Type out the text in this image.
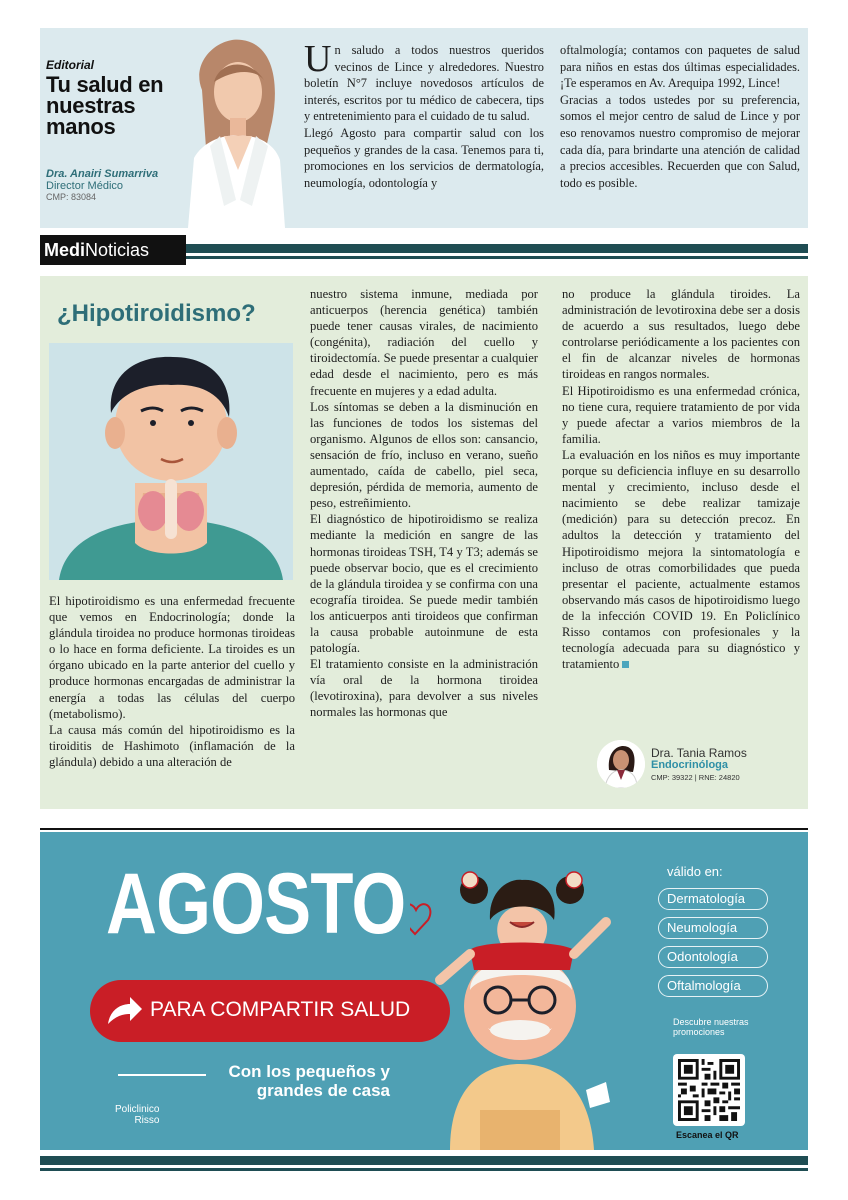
Editorial
Tu salud en nuestras manos
Dra. Anairi Sumarriva
Director Médico
CMP: 83084
U n saludo a todos nuestros queridos vecinos de Lince y alrededores. Nuestro boletín N°7 incluye novedosos artículos de interés, escritos por tu médico de cabecera, tips y entretenimiento para el cuidado de tu salud.

Llegó Agosto para compartir salud con los pequeños y grandes de la casa. Tenemos para ti, promociones en los servicios de dermatología, neumología, odontología y

oftalmología; contamos con paquetes de salud para niños en estas dos últimas especialidades. ¡Te esperamos en Av. Arequipa 1992, Lince!

Gracias a todos ustedes por su preferencia, somos el mejor centro de salud de Lince y por eso renovamos nuestro compromiso de mejorar cada día, para brindarte una atención de calidad a precios accesibles. Recuerden que con Salud, todo es posible.

MediNoticias
¿Hipotiroidismo?

El hipotiroidismo es una enfermedad frecuente que vemos en Endocrinología; donde la glándula tiroidea no produce hormonas tiroideas o lo hace en forma deficiente. La tiroides es un órgano ubicado en la parte anterior del cuello y produce hormonas encargadas de administrar la energía a todas las células del cuerpo (metabolismo).

La causa más común del hipotiroidismo es la tiroiditis de Hashimoto (inflamación de la glándula) debido a una alteración de

nuestro sistema inmune, mediada por anticuerpos (herencia genética) también puede tener causas virales, de nacimiento (congénita), radiación del cuello y tiroidectomía. Se puede presentar a cualquier edad desde el nacimiento, pero es más frecuente en mujeres y a edad adulta.

Los síntomas se deben a la disminución en las funciones de todos los sistemas del organismo. Algunos de ellos son: cansancio, sensación de frío, incluso en verano, sueño aumentado, caída de cabello, piel seca, depresión, pérdida de memoria, aumento de peso, estreñimiento.

El diagnóstico de hipotiroidismo se realiza mediante la medición en sangre de las hormonas tiroideas TSH, T4 y T3; además se puede observar bocio, que es el crecimiento de la glándula tiroidea y se confirma con una ecografía tiroidea. Se puede medir también los anticuerpos anti tiroideos que confirman la causa probable autoinmune de esta patología.

El tratamiento consiste en la administración vía oral de la hormona tiroidea (levotiroxina), para devolver a sus niveles normales las hormonas que

no produce la glándula tiroides. La administración de levotiroxina debe ser a dosis de acuerdo a sus resultados, luego debe controlarse periódicamente a los pacientes con el fin de alcanzar niveles de hormonas tiroideas en rangos normales.

El Hipotiroidismo es una enfermedad crónica, no tiene cura, requiere tratamiento de por vida y puede afectar a varios miembros de la familia.

La evaluación en los niños es muy importante porque su deficiencia influye en su desarrollo mental y crecimiento, incluso desde el nacimiento se debe realizar tamizaje (medición) para su detección precoz. En adultos la detección y tratamiento del Hipotiroidismo mejora la sintomatología e incluso de otras comorbilidades que pueda presentar el paciente, actualmente estamos observando más casos de hipotiroidismo luego de la infección COVID 19. En Policlínico Risso contamos con profesionales y la tecnología adecuada para su diagnóstico y tratamiento

Dra. Tania Ramos
Endocrinóloga
CMP: 39322 | RNE: 24820
AGOSTO
PARA COMPARTIR SALUD
Con los pequeños y grandes de casa
Policlinico
Risso
válido en:
Dermatología
Neumología
Odontología
Oftalmología
Descubre nuestras promociones
Escanea el QR
